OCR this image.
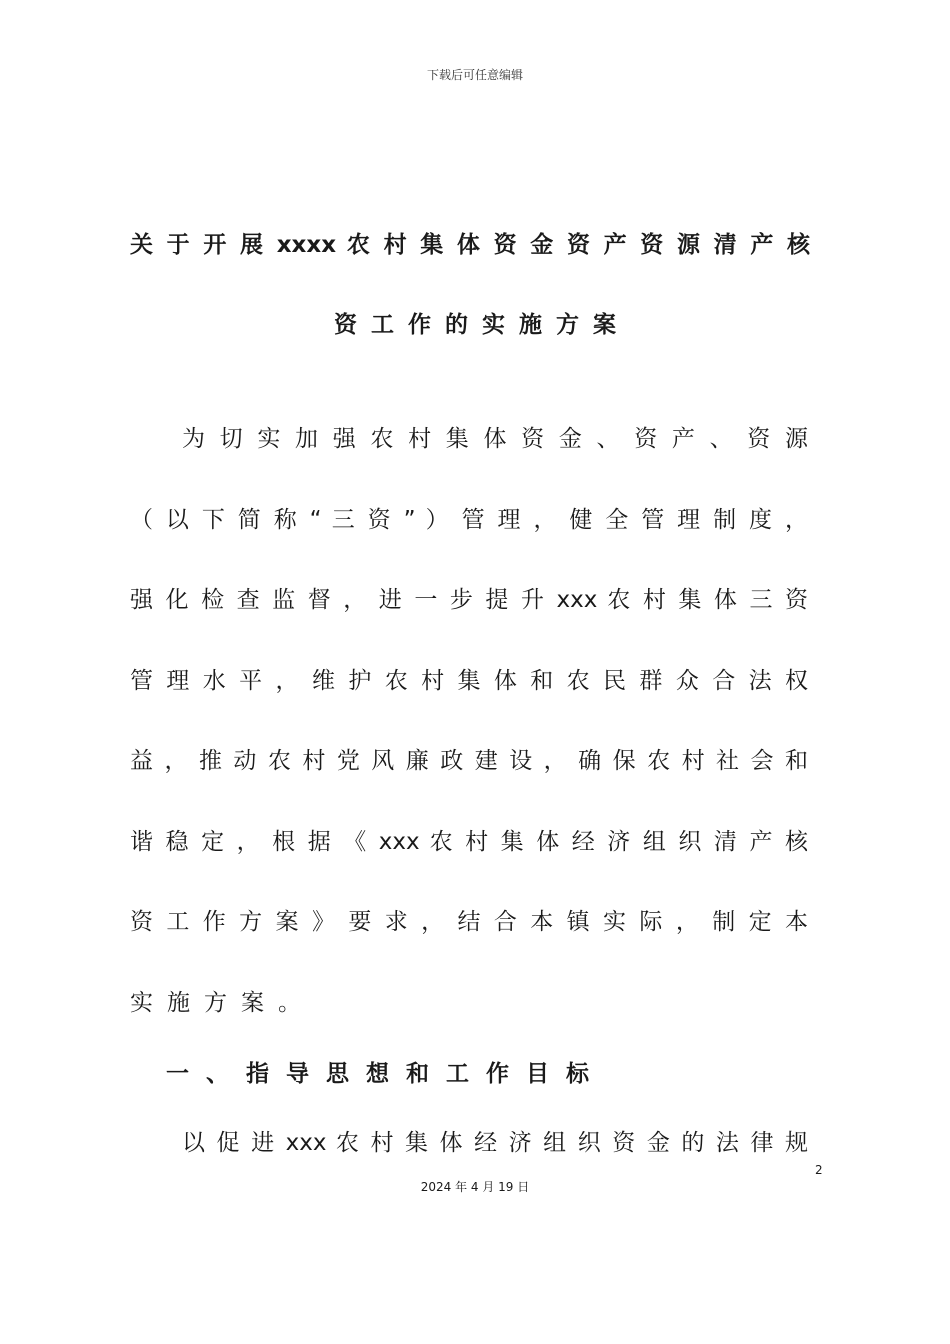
下载后可任意编辑
关 于 开 展 xxxx 农 村 集 体 资 金 资 产 资 源 清 产 核
资工作的实施方案
为 切 实 加 强 农 村 集 体 资 金 、 资 产 、 资 源
（ 以 下 简 称 “ 三 资 ” ） 管 理 ， 健 全 管 理 制 度 ，
强 化 检 查 监 督 ， 进 一 步 提 升 xxx 农 村 集 体 三 资
管 理 水 平 ， 维 护 农 村 集 体 和 农 民 群 众 合 法 权
益 ， 推 动 农 村 党 风 廉 政 建 设 ， 确 保 农 村 社 会 和
谐 稳 定 ， 根 据 《 xxx 农 村 集 体 经 济 组 织 清 产 核
资 工 作 方 案 》 要 求 ， 结 合 本 镇 实 际 ， 制 定 本
实施方案。
一、指导思想和工作目标
以 促 进 xxx 农 村 集 体 经 济 组 织 资 金 的 法 律 规
2
2024 年 4 月 19 日
